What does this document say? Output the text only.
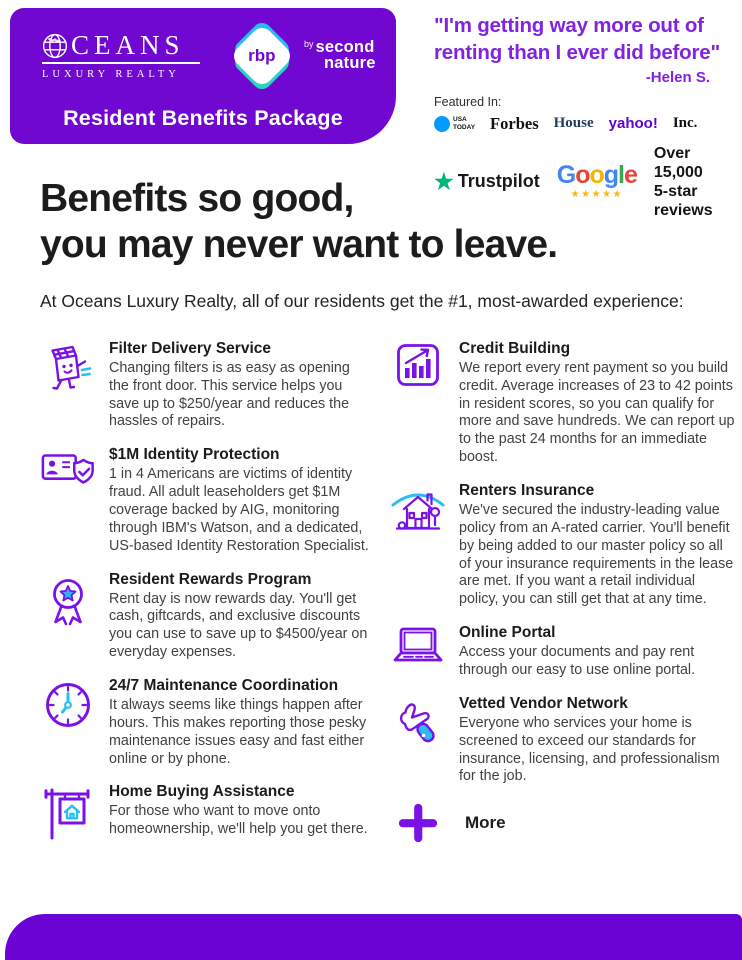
CEANS
LUXURY REALTY
rbp
$^{by}$ second
nature
Resident Benefits Package
"I'm getting way more out of
renting than I ever did before"
-Helen S.
Featured In:
USA
TODAY Forbes House yahoo! Inc.
★ Trustpilot Google
★★★★★
Over 15,000
5-star reviews
Benefits so good,
you may never want to leave.

At Oceans Luxury Realty, all of our residents get the #1, most-awarded experience:

Filter Delivery Service
Changing filters is as easy as opening the front door. This service helps you save up to $250/year and reduces the hassles of repairs.
$1M Identity Protection
1 in 4 Americans are victims of identity fraud. All adult leaseholders get $1M coverage backed by AIG, monitoring through IBM's Watson, and a dedicated, US-based Identity Restoration Specialist.
Resident Rewards Program
Rent day is now rewards day. You'll get cash, giftcards, and exclusive discounts you can use to save up to $4500/year on everyday expenses.
24/7 Maintenance Coordination
It always seems like things happen after hours. This makes reporting those pesky maintenance issues easy and fast either online or by phone.
Home Buying Assistance
For those who want to move onto homeownership, we'll help you get there.
Credit Building
We report every rent payment so you build credit. Average increases of 23 to 42 points in resident scores, so you can qualify for more and save hundreds. We can report up to the past 24 months for an immediate boost.
Renters Insurance
We've secured the industry-leading value policy from an A-rated carrier. You'll benefit by being added to our master policy so all of your insurance requirements in the lease are met. If you want a retail individual policy, you can still get that at any time.
Online Portal
Access your documents and pay rent through our easy to use online portal.
Vetted Vendor Network
Everyone who services your home is screened to exceed our standards for insurance, licensing, and professionalism for the job.
More
